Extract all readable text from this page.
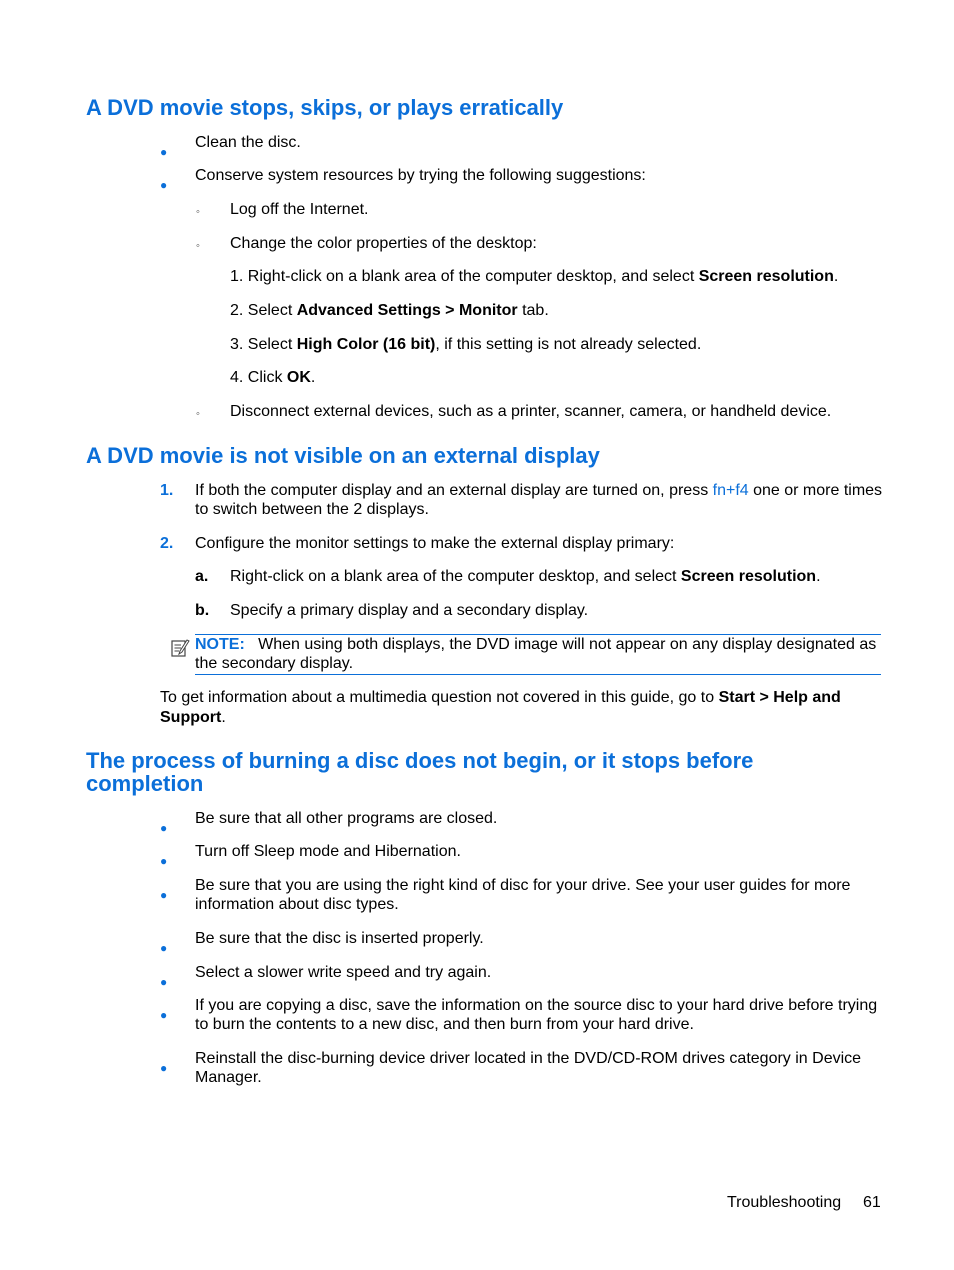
A DVD movie stops, skips, or plays erratically
●
Clean the disc.
●
Conserve system resources by trying the following suggestions:
◦ Log off the Internet.
◦ Change the color properties of the desktop:
1. Right-click on a blank area of the computer desktop, and select Screen resolution.
2. Select Advanced Settings > Monitor tab.
3. Select High Color (16 bit), if this setting is not already selected.
4. Click OK.
◦ Disconnect external devices, such as a printer, scanner, camera, or handheld device.
A DVD movie is not visible on an external display
1. If both the computer display and an external display are turned on, press fn+f4 one or more times
to switch between the 2 displays.
2. Configure the monitor settings to make the external display primary:
a. Right-click on a blank area of the computer desktop, and select Screen resolution.
b. Specify a primary display and a secondary display.
NOTE: When using both displays, the DVD image will not appear on any display designated as
the secondary display.
To get information about a multimedia question not covered in this guide, go to Start > Help and
Support.
The process of burning a disc does not begin, or it stops before
completion
●
Be sure that all other programs are closed.
●
Turn off Sleep mode and Hibernation.
●
Be sure that you are using the right kind of disc for your drive. See your user guides for more
information about disc types.
●
Be sure that the disc is inserted properly.
●
Select a slower write speed and try again.
●
If you are copying a disc, save the information on the source disc to your hard drive before trying
to burn the contents to a new disc, and then burn from your hard drive.
●
Reinstall the disc-burning device driver located in the DVD/CD-ROM drives category in Device
Manager.
Troubleshooting 61
